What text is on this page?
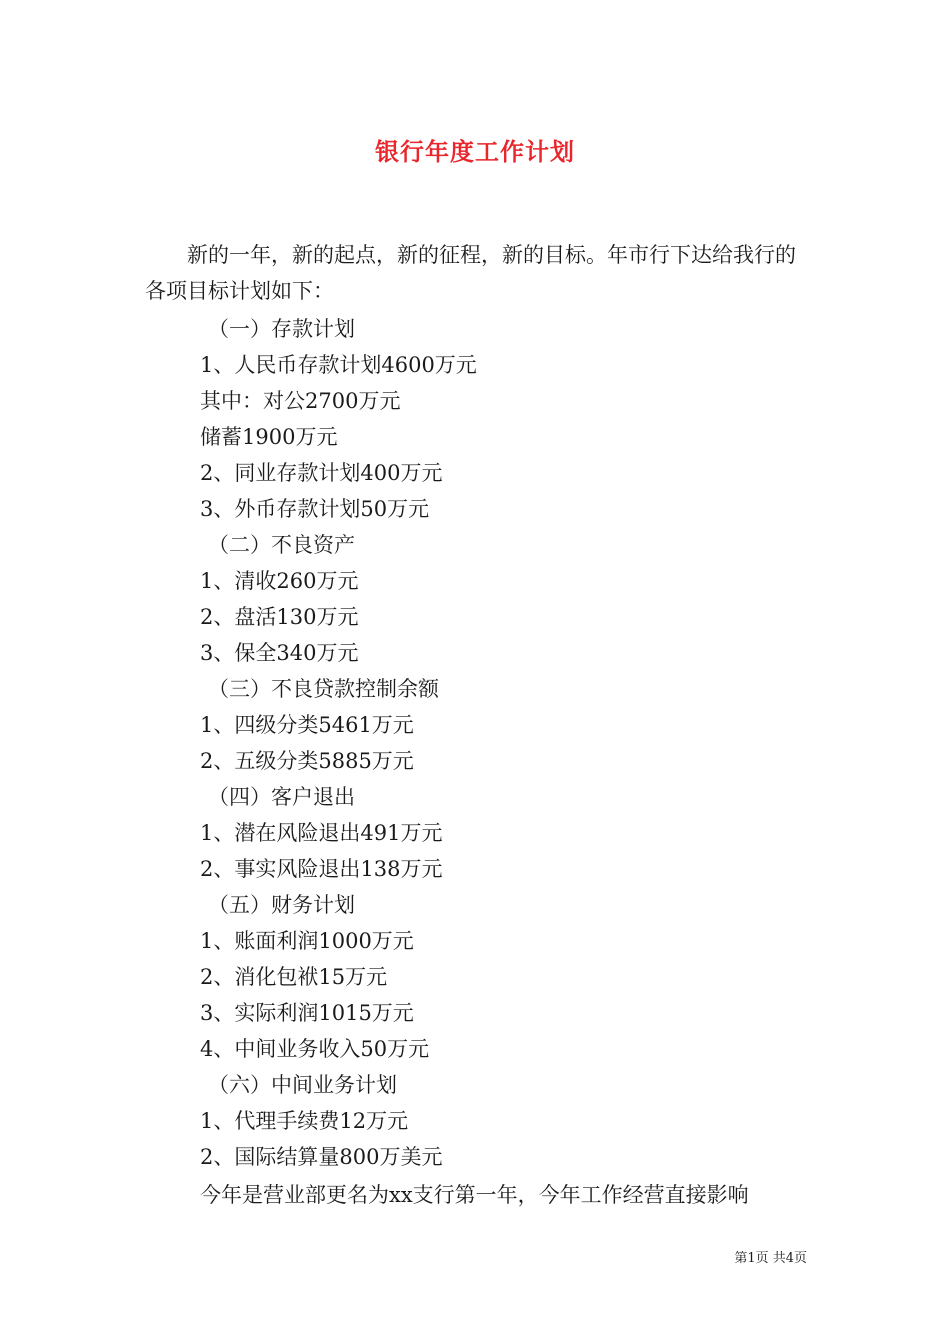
银行年度工作计划

新的一年，新的起点，新的征程，新的目标。年市行下达给我行的各项目标计划如下：

（一）存款计划
1、人民币存款计划4600万元
其中：对公2700万元
储蓄1900万元
2、同业存款计划400万元
3、外币存款计划50万元
（二）不良资产
1、清收260万元
2、盘活130万元
3、保全340万元
（三）不良贷款控制余额
1、四级分类5461万元
2、五级分类5885万元
（四）客户退出
1、潜在风险退出491万元
2、事实风险退出138万元
（五）财务计划
1、账面利润1000万元
2、消化包袱15万元
3、实际利润1015万元
4、中间业务收入50万元
（六）中间业务计划
1、代理手续费12万元
2、国际结算量800万美元

今年是营业部更名为xx支行第一年，今年工作经营直接影响

第1页 共4页
